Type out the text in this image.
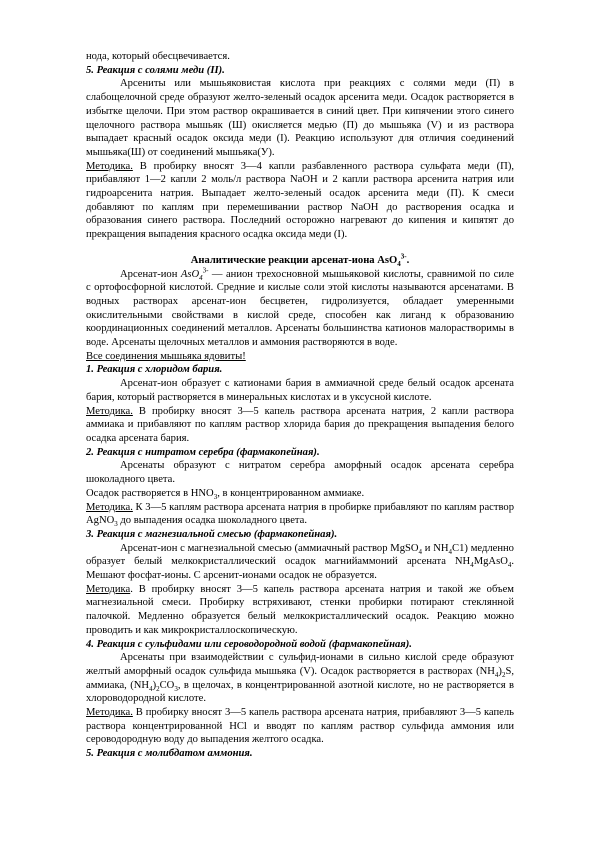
нода, который обесцвечивается.

5. Реакция с солями меди (II).

Арсениты или мышьяковистая кислота при реакциях с солями меди (П) в слабощелочной среде образуют желто-зеленый осадок арсенита меди. Осадок растворяется в избытке щелочи. При этом раствор окрашивается в синий цвет. При кипячении этого синего щелочного раствора мышьяк (Ш) окисляется медью (П) до мышьяка (V) и из раствора выпадает красный осадок оксида меди (I). Реакцию используют для отличия соединений мышьяка(Ш) от соединений мышьяка(У).

Методика. В пробирку вносят 3—4 капли разбавленного раствора сульфата меди (П), прибавляют 1—2 капли 2 моль/л раствора NaOH и 2 капли раствора арсенита натрия или гидроарсенита натрия. Выпадает желто-зеленый осадок арсенита меди (П). К смеси добавляют по каплям при перемешивании раствор NaOH до растворения осадка и образования синего раствора. Последний осторожно нагревают до кипения и кипятят до прекращения выпадения красного осадка оксида меди (I).

Аналитические реакции арсенат-иона AsO$_4^{3-}$.

Арсенат-ион AsO$_4^{3-}$ — анион трехосновной мышьяковой кислоты, сравнимой по силе с ортофосфорной кислотой. Средние и кислые соли этой кислоты называются арсенатами. В водных растворах арсенат-ион бесцветен, гидролизуется, обладает умеренными окислительными свойствами в кислой среде, способен как лиганд к образованию координационных соединений металлов. Арсенаты большинства катионов малорастворимы в воде. Арсенаты щелочных металлов и аммония растворяются в воде.

Все соединения мышьяка ядовиты!

1. Реакция с хлоридом бария.

Арсенат-ион образует с катионами бария в аммиачной среде белый осадок арсената бария, который растворяется в минеральных кислотах и в уксусной кислоте.

Методика. В пробирку вносят 3—5 капель раствора арсената натрия, 2 капли раствора аммиака и прибавляют по каплям раствор хлорида бария до прекращения выпадения белого осадка арсената бария.

2. Реакция с нитратом серебра (фармакопейная).

Арсенаты образуют с нитратом серебра аморфный осадок арсената серебра шоколадного цвета.

Осадок растворяется в $HNO_3$, в концентрированном аммиаке.

Методика. К 3—5 каплям раствора арсената натрия в пробирке прибавляют по каплям раствор AgNO$_3$ до выпадения осадка шоколадного цвета.

3. Реакция с магнезиальной смесью (фармакопейная).

Арсенат-ион с магнезиальной смесью (аммиачный раствор MgSO$_4$ и $NH_4C1$) медленно образует белый мелкокристаллический осадок магнийаммоний арсената $NH_4MgAsO_4$. Мешают фосфат-ионы. С арсенит-ионами осадок не образуется.

Методика. В пробирку вносят 3—5 капель раствора арсената натрия и такой же объем магнезиальной смеси. Пробирку встряхивают, стенки пробирки потирают стеклянной палочкой. Медленно образуется белый мелкокристаллический осадок. Реакцию можно проводить и как микрокристаллоскопическую.

4. Реакция с сульфидами или сероводородной водой (фармакопейная).

Арсенаты при взаимодействии с сульфид-ионами в сильно кислой среде образуют желтый аморфный осадок сульфида мышьяка (V). Осадок растворяется в растворах $(NH_4)_2S$, аммиака, $(NH_4)_2CO_3$, в щелочах, в концентрированной азотной кислоте, но не растворяется в хлороводородной кислоте.

Методика. В пробирку вносят 3—5 капель раствора арсената натрия, прибавляют 3—5 капель раствора концентрированной HCl и вводят по каплям раствор сульфида аммония или сероводородную воду до выпадения желтого осадка.

5. Реакция с молибдатом аммония.
